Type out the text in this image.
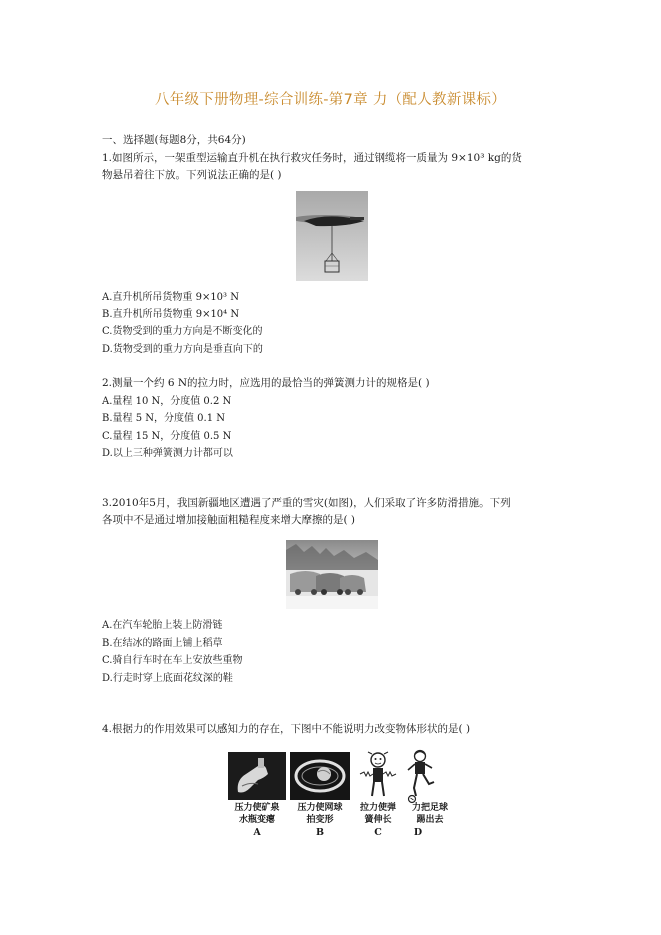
八年级下册物理-综合训练-第7章 力（配人教新课标）
一、选择题(每题8分，共64分)
1.如图所示，一架重型运输直升机在执行救灾任务时，通过钢缆将一质量为 9×10³ kg的货
物悬吊着往下放。下列说法正确的是( )
A.直升机所吊货物重 9×10³ N
B.直升机所吊货物重 9×10⁴ N
C.货物受到的重力方向是不断变化的
D.货物受到的重力方向是垂直向下的
2.测量一个约 6 N的拉力时，应选用的最恰当的弹簧测力计的规格是( )
A.量程 10 N，分度值 0.2 N
B.量程 5 N，分度值 0.1 N
C.量程 15 N，分度值 0.5 N
D.以上三种弹簧测力计都可以
3.2010年5月，我国新疆地区遭遇了严重的雪灾(如图)，人们采取了许多防滑措施。下列
各项中不是通过增加接触面粗糙程度来增大摩擦的是( )
A.在汽车轮胎上装上防滑链
B.在结冰的路面上铺上稻草
C.骑自行车时在车上安放些重物
D.行走时穿上底面花纹深的鞋
4.根据力的作用效果可以感知力的存在，下图中不能说明力改变物体形状的是( )
压力使矿泉
水瓶变瘪
A
压力使网球
拍变形
B
拉力使弹
簧伸长
C
力把足球
踢出去
D
